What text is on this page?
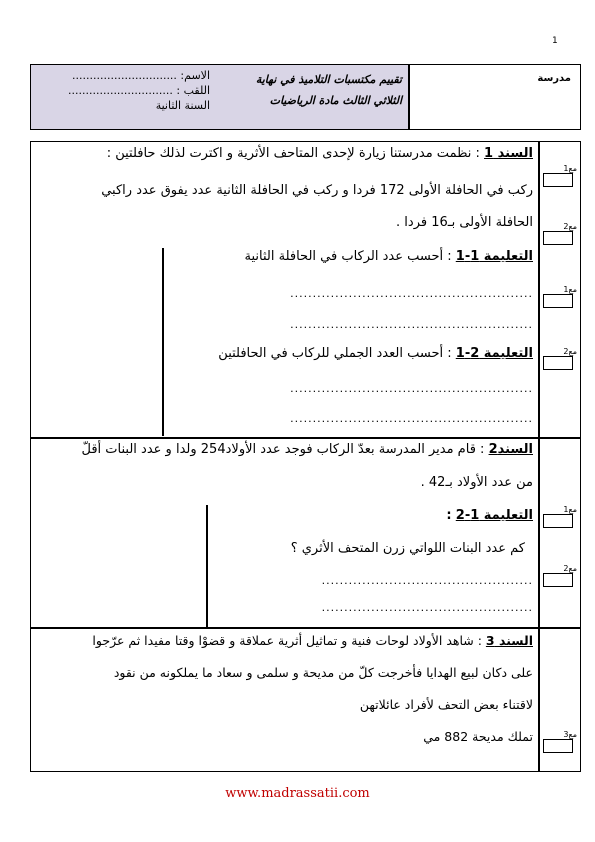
1
الاسم: ..............................
اللقب : ..............................
السنة الثانية
تقييم مكتسبات التلاميذ في نهاية
الثلاثي الثالث مادة الرياضيات
مدرسة
السند 1 : نظمت مدرستنا زيارة لإحدى المتاحف الأثرية و اكترت لذلك حافلتين :
ركب في الحافلة الأولى 172 فردا و ركب في الحافلة الثانية عدد يفوق عدد راكبي
الحافلة الأولى بـ16 فردا .
التعليمة 1-1 : أحسب عدد الركاب في الحافلة الثانية
......................................................
......................................................
التعليمة 2-1 : أحسب العدد الجملي للركاب في الحافلتين
......................................................
......................................................
السند2 : قام مدير المدرسة بعدّ الركاب فوجد عدد الأولاد254 ولدا و عدد البنات أقلّ
من عدد الأولاد بـ42 .
التعليمة 1-2 :
كم عدد البنات اللواتي زرن المتحف الأثري ؟
...............................................
...............................................
السند 3 : شاهد الأولاد لوحات فنية و تماثيل أثرية عملاقة و قضوْا وقتا مفيدا ثم عرّجوا
على دكان لبيع الهدايا فأخرجت كلّ من مديحة و سلمى و سعاد ما يملكونه من نقود
لاقتناء بعض التحف لأفراد عائلاتهن
تملك مديحة 882 مي
مع1
مع2
مع1
مع2
مع1
مع2
مع3
www.madrassatii.com
